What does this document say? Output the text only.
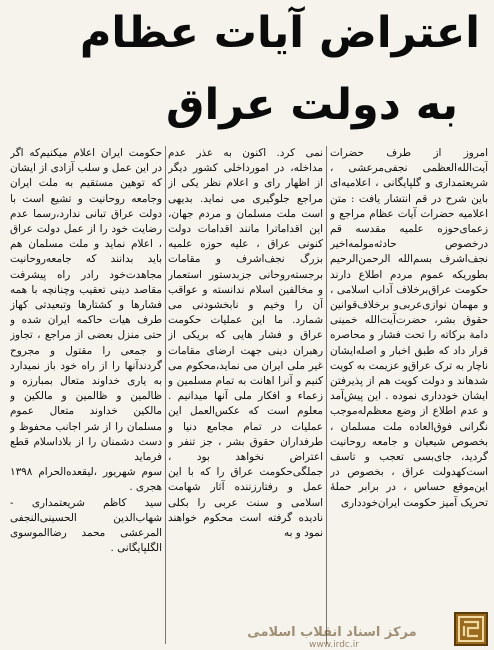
اعتراض آیات عظام
به دولت عراق

امروز از طرف حضرات آیت‌الله‌العظمی نجفی‌مرعشی ، شریعتمداری و گلپایگانی ، اعلامیه‌ای باین شرح در قم انتشار یافت : متن اعلامیه حضرات آیات عظام مراجع و زعمای‌حوزه علمیه مقدسه قم درخصوص حادثه‌مولمه‌اخیر نجف‌اشرف بسم‌الله الرحمن‌الرحیم بطوریکه عموم مردم اطلاع دارند حکومت عراق‌برخلاف آداب اسلامی ، و مهمان‌ نوازی‌عربی‌و برخلاف‌قوانین حقوق بشر، حضرت‌آیت‌الله خمینی دامة برکاته را تحت فشار و محاصره قرار داد که طبق اخبار و اصله‌ایشان ناچار به ترک عراق‌و عزیمت به کویت شدهاند و دولت کویت هم از پذیرفتن ایشان خودداری نموده . این پیش‌آمد و عدم اطلاع از وضع معظم‌له‌موجب نگرانی فوق‌العاده ملت مسلمان ، بخصوص شیعیان و جامعه روحانیت گردید، جای‌بسی تعجب و تاسف است‌کهدولت عراق ، بخصوص در این‌موقع حساس ، در برابر حملهٔ تحریک آمیز حکومت ایران‌خودداری

نمی کرد. اکنون به عذر عدم مداخله، در امورداخلی کشور دیگر از اظهار رای و اعلام نظر یکی از مراجع جلوگیری می نماید. بدیهی است ملت مسلمان و مردم جهان، این اقداماترا مانند اقدامات دولت کنونی عراق ، علیه حوزه علمیه بزرگ نجف‌اشرف و مقامات برجسته‌روحانی جزبدستور استعمار و مخالفین اسلام ندانسته و عواقب آن را وخیم و نابخشودنی می شمارد. ما این عملیات حکومت عراق و فشار هایی که بریکی از رهبران دینی جهت ارضای مقامات غیر ملی ایران می نماید،محکوم می کنیم و آنرا اهانت به تمام مسلمین و زعماء و افکار ملی آنها میدانیم . معلوم است که عکس‌العمل این عملیات در تمام مجامع دنیا و طرفداران حقوق بشر ، جز تنفر و اعتراض نخواهد بود ، جملگی‌حکومت عراق را که با این عمل و رفتارزننده آثار شهامت اسلامی و سنت عربی را بکلی نادیده گرفته است محکوم خواهند نمود و به

حکومت ایران اعلام میکنیم‌که اگر در این عمل و سلب آزادی از ایشان که توهین مستقیم به ملت ایران وجامعه روحانیت و تشیع است با دولت عراق تبانی ندارد،رسما عدم رضایت خود را از عمل دولت عراق ، اعلام نماید و ملت مسلمان هم باید بدانند که جامعه‌روحانیت مجاهدت‌خود رادر راه پیشرفت مقاصد دینی تعقیب وچنانچه با همه فشارها و کشتارها وتبعیدتی کهاز طرف هیات حاکمه ایران شده و حتی منزل بعضی از مراجع ، تجاوز و جمعی را مقتول و مجروح گردندآنها را از راه خود باز نمیدارد به یاری خداوند متعال بمبارزه و ظالمین و ظالمین و مالکین و مالکین خداوند متعال عموم مسلمان را از شر اجانب محفوظ و دست دشمنان را از بلاداسلام قطع فرماید

سوم شهریور ،لیقعده‌الحرام ۱۳۹۸ هجری .

سید کاظم شریعتمداری - شهاب‌الدین الحسینی‌النجفی المرعشی محمد رضاالموسوی الگلپایگانی .

مرکز اسناد انقلاب اسلامی
www.irdc.ir
